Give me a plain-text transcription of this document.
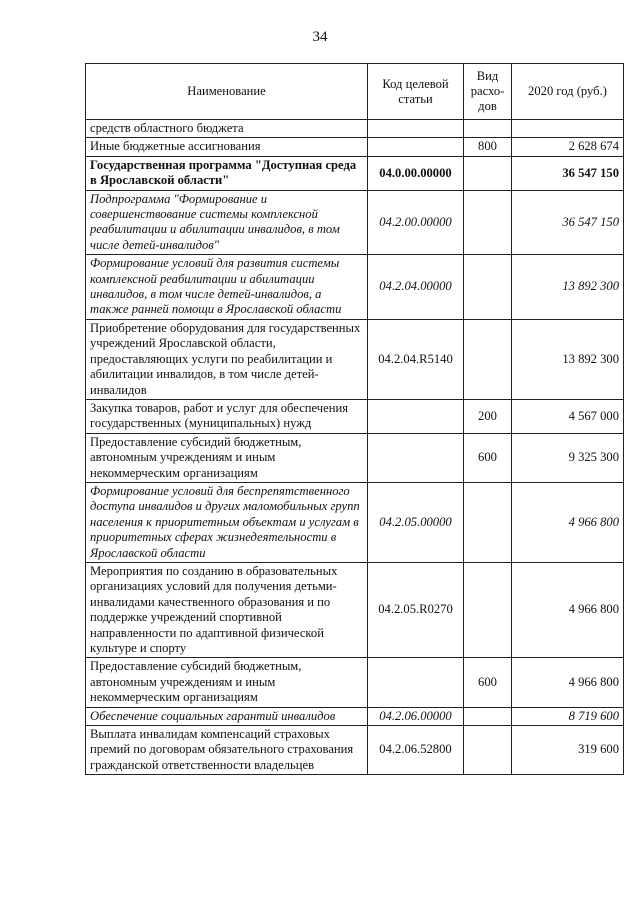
34
Наименование	Код целевой статьи	Вид расхо-дов	2020 год (руб.)
средств областного бюджета			
Иные бюджетные ассигнования		800	2 628 674
Государственная программа "Доступная среда в Ярославской области"	04.0.00.00000		36 547 150
Подпрограмма "Формирование и совершенствование системы комплексной реабилитации и абилитации инвалидов, в том числе детей-инвалидов"	04.2.00.00000		36 547 150
Формирование условий для развития системы комплексной реабилитации и абилитации инвалидов, в том числе детей-инвалидов, а также ранней помощи в Ярославской области	04.2.04.00000		13 892 300
Приобретение оборудования для государственных учреждений Ярославской области, предоставляющих услуги по реабилитации и абилитации инвалидов, в том числе детей-инвалидов	04.2.04.R5140		13 892 300
Закупка товаров, работ и услуг для обеспечения государственных (муниципальных) нужд		200	4 567 000
Предоставление субсидий бюджетным, автономным учреждениям и иным некоммерческим организациям		600	9 325 300
Формирование условий для беспрепятственного доступа инвалидов и других маломобильных групп населения к приоритетным объектам и услугам в приоритетных сферах жизнедеятельности в Ярославской области	04.2.05.00000		4 966 800
Мероприятия по созданию в образовательных организациях условий для получения детьми-инвалидами качественного образования и по поддержке учреждений спортивной направленности по адаптивной физической культуре и спорту	04.2.05.R0270		4 966 800
Предоставление субсидий бюджетным, автономным учреждениям и иным некоммерческим организациям		600	4 966 800
Обеспечение социальных гарантий инвалидов	04.2.06.00000		8 719 600
Выплата инвалидам компенсаций страховых премий по договорам обязательного страхования гражданской ответственности владельцев	04.2.06.52800		319 600
